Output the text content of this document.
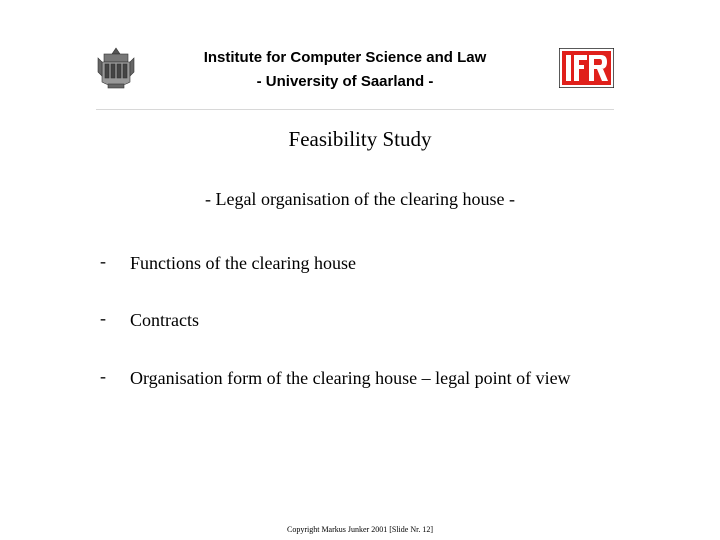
Institute for Computer Science and Law
- University of Saarland -
Feasibility Study
- Legal organisation of the clearing house -
- Functions of the clearing house
- Contracts
- Organisation form of the clearing house – legal point of view
Copyright Markus Junker 2001 [Slide Nr. 12]
